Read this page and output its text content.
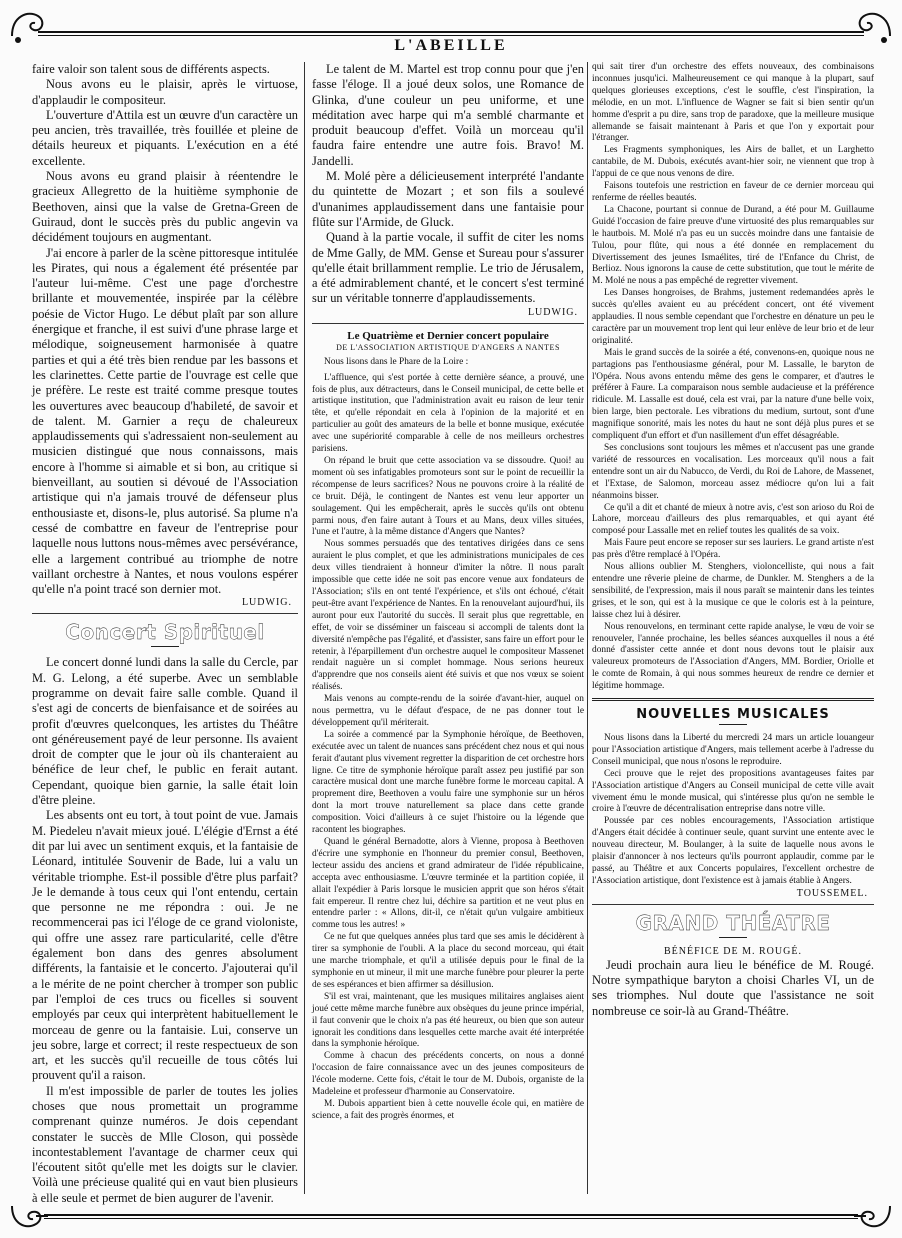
L'ABEILLE

faire valoir son talent sous de différents aspects.

Nous avons eu le plaisir, après le virtuose, d'applaudir le compositeur.

L'ouverture d'Attila est un œuvre d'un caractère un peu ancien, très travaillée, très fouillée et pleine de détails heureux et piquants. L'exécution en a été excellente.

Nous avons eu grand plaisir à réentendre le gracieux Allegretto de la huitième symphonie de Beethoven, ainsi que la valse de Gretna-Green de Guiraud, dont le succès près du public angevin va décidément toujours en augmentant.

J'ai encore à parler de la scène pittoresque intitulée les Pirates, qui nous a également été présentée par l'auteur lui-même. C'est une page d'orchestre brillante et mouvementée, inspirée par la célèbre poésie de Victor Hugo. Le début plaît par son allure énergique et franche, il est suivi d'une phrase large et mélodique, soigneusement harmonisée à quatre parties et qui a été très bien rendue par les bassons et les clarinettes. Cette partie de l'ouvrage est celle que je préfère. Le reste est traité comme presque toutes les ouvertures avec beaucoup d'habileté, de savoir et de talent. M. Garnier a reçu de chaleureux applaudissements qui s'adressaient non-seulement au musicien distingué que nous connaissons, mais encore à l'homme si aimable et si bon, au critique si bienveillant, au soutien si dévoué de l'Association artistique qui n'a jamais trouvé de défenseur plus enthousiaste et, disons-le, plus autorisé. Sa plume n'a cessé de combattre en faveur de l'entreprise pour laquelle nous luttons nous-mêmes avec persévérance, elle a largement contribué au triomphe de notre vaillant orchestre à Nantes, et nous voulons espérer qu'elle n'a point tracé son dernier mot.

LUDWIG.
Concert Spirituel

Le concert donné lundi dans la salle du Cercle, par M. G. Lelong, a été superbe. Avec un semblable programme on devait faire salle comble. Quand il s'est agi de concerts de bienfaisance et de soirées au profit d'œuvres quelconques, les artistes du Théâtre ont généreusement payé de leur personne. Ils avaient droit de compter que le jour où ils chanteraient au bénéfice de leur chef, le public en ferait autant. Cependant, quoique bien garnie, la salle était loin d'être pleine.

Les absents ont eu tort, à tout point de vue. Jamais M. Piedeleu n'avait mieux joué. L'élégie d'Ernst a été dit par lui avec un sentiment exquis, et la fantaisie de Léonard, intitulée Souvenir de Bade, lui a valu un véritable triomphe. Est-il possible d'être plus parfait? Je le demande à tous ceux qui l'ont entendu, certain que personne ne me répondra : oui. Je ne recommencerai pas ici l'éloge de ce grand violoniste, qui offre une assez rare particularité, celle d'être également bon dans des genres absolument différents, la fantaisie et le concerto. J'ajouterai qu'il a le mérite de ne point chercher à tromper son public par l'emploi de ces trucs ou ficelles si souvent employés par ceux qui interprètent habituellement le morceau de genre ou la fantaisie. Lui, conserve un jeu sobre, large et correct; il reste respectueux de son art, et les succès qu'il recueille de tous côtés lui prouvent qu'il a raison.

Il m'est impossible de parler de toutes les jolies choses que nous promettait un programme comprenant quinze numéros. Je dois cependant constater le succès de Mlle Closon, qui possède incontestablement l'avantage de charmer ceux qui l'écoutent sitôt qu'elle met les doigts sur le clavier. Voilà une précieuse qualité qui en vaut bien plusieurs à elle seule et permet de bien augurer de l'avenir.

Le talent de M. Martel est trop connu pour que j'en fasse l'éloge. Il a joué deux solos, une Romance de Glinka, d'une couleur un peu uniforme, et une méditation avec harpe qui m'a semblé charmante et produit beaucoup d'effet. Voilà un morceau qu'il faudra faire entendre une autre fois. Bravo! M. Jandelli.

M. Molé père a délicieusement interprété l'andante du quintette de Mozart ; et son fils a soulevé d'unanimes applaudissement dans une fantaisie pour flûte sur l'Armide, de Gluck.

Quand à la partie vocale, il suffit de citer les noms de Mme Gally, de MM. Gense et Sureau pour s'assurer qu'elle était brillamment remplie. Le trio de Jérusalem, a été admirablement chanté, et le concert s'est terminé sur un véritable tonnerre d'applaudissements.

LUDWIG.
Le Quatrième et Dernier concert populaire
DE L'ASSOCIATION ARTISTIQUE D'ANGERS A NANTES

Nous lisons dans le Phare de la Loire :

L'affluence, qui s'est portée à cette dernière séance, a prouvé, une fois de plus, aux détracteurs, dans le Conseil municipal, de cette belle et artistique institution, que l'administration avait eu raison de leur tenir tête, et qu'elle répondait en cela à l'opinion de la majorité et en particulier au goût des amateurs de la belle et bonne musique, exécutée avec une supériorité comparable à celle de nos meilleurs orchestres parisiens.

On répand le bruit que cette association va se dissoudre. Quoi! au moment où ses infatigables promoteurs sont sur le point de recueillir la récompense de leurs sacrifices? Nous ne pouvons croire à la réalité de ce bruit. Déjà, le contingent de Nantes est venu leur apporter un soulagement. Qui les empêcherait, après le succès qu'ils ont obtenu parmi nous, d'en faire autant à Tours et au Mans, deux villes situées, l'une et l'autre, à la même distance d'Angers que Nantes?

Nous sommes persuadés que des tentatives dirigées dans ce sens auraient le plus complet, et que les administrations municipales de ces deux villes tiendraient à honneur d'imiter la nôtre. Il nous paraît impossible que cette idée ne soit pas encore venue aux fondateurs de l'Association; s'ils en ont tenté l'expérience, et s'ils ont échoué, c'était peut-être avant l'expérience de Nantes. En la renouvelant aujourd'hui, ils auront pour eux l'autorité du succès. Il serait plus que regrettable, en effet, de voir se disséminer un faisceau si accompli de talents dont la diversité n'empêche pas l'égalité, et d'assister, sans faire un effort pour le retenir, à l'éparpillement d'un orchestre auquel le compositeur Massenet rendait naguère un si complet hommage. Nous serions heureux d'apprendre que nos conseils aient été suivis et que nos vœux se soient réalisés.

Mais venons au compte-rendu de la soirée d'avant-hier, auquel on nous permettra, vu le défaut d'espace, de ne pas donner tout le développement qu'il mériterait.

La soirée a commencé par la Symphonie héroïque, de Beethoven, exécutée avec un talent de nuances sans précédent chez nous et qui nous ferait d'autant plus vivement regretter la disparition de cet orchestre hors ligne. Ce titre de symphonie héroïque paraît assez peu justifié par son caractère musical dont une marche funèbre forme le morceau capital. A proprement dire, Beethoven a voulu faire une symphonie sur un héros dont la mort trouve naturellement sa place dans cette grande composition. Voici d'ailleurs à ce sujet l'histoire ou la légende que racontent les biographes.

Quand le général Bernadotte, alors à Vienne, proposa à Beethoven d'écrire une symphonie en l'honneur du premier consul, Beethoven, lecteur assidu des anciens et grand admirateur de l'idée républicaine, accepta avec enthousiasme. L'œuvre terminée et la partition copiée, il allait l'expédier à Paris lorsque le musicien apprit que son héros s'était fait empereur. Il rentre chez lui, déchire sa partition et ne veut plus en entendre parler : « Allons, dit-il, ce n'était qu'un vulgaire ambitieux comme tous les autres! »

Ce ne fut que quelques années plus tard que ses amis le décidèrent à tirer sa symphonie de l'oubli. A la place du second morceau, qui était une marche triomphale, et qu'il a utilisée depuis pour le final de la symphonie en ut mineur, il mit une marche funèbre pour pleurer la perte de ses espérances et bien affirmer sa désillusion.

S'il est vrai, maintenant, que les musiques militaires anglaises aient joué cette même marche funèbre aux obsèques du jeune prince impérial, il faut convenir que le choix n'a pas été heureux, ou bien que son auteur ignorait les conditions dans lesquelles cette marche avait été interprétée dans la symphonie héroïque.

Comme à chacun des précédents concerts, on nous a donné l'occasion de faire connaissance avec un des jeunes compositeurs de l'école moderne. Cette fois, c'était le tour de M. Dubois, organiste de la Madeleine et professeur d'harmonie au Conservatoire.

M. Dubois appartient bien à cette nouvelle école qui, en matière de science, a fait des progrès énormes, et

qui sait tirer d'un orchestre des effets nouveaux, des combinaisons inconnues jusqu'ici. Malheureusement ce qui manque à la plupart, sauf quelques glorieuses exceptions, c'est le souffle, c'est l'inspiration, la mélodie, en un mot. L'influence de Wagner se fait si bien sentir qu'un homme d'esprit a pu dire, sans trop de paradoxe, que la meilleure musique allemande se faisait maintenant à Paris et que l'on y exportait pour l'étranger.

Les Fragments symphoniques, les Airs de ballet, et un Larghetto cantabile, de M. Dubois, exécutés avant-hier soir, ne viennent que trop à l'appui de ce que nous venons de dire.

Faisons toutefois une restriction en faveur de ce dernier morceau qui renferme de réelles beautés.

La Chacone, pourtant si connue de Durand, a été pour M. Guillaume Guidé l'occasion de faire preuve d'une virtuosité des plus remarquables sur le hautbois. M. Molé n'a pas eu un succès moindre dans une fantaisie de Tulou, pour flûte, qui nous a été donnée en remplacement du Divertissement des jeunes Ismaélites, tiré de l'Enfance du Christ, de Berlioz. Nous ignorons la cause de cette substitution, que tout le mérite de M. Molé ne nous a pas empêché de regretter vivement.

Les Danses hongroises, de Brahms, justement redemandées après le succès qu'elles avaient eu au précédent concert, ont été vivement applaudies. Il nous semble cependant que l'orchestre en dénature un peu le caractère par un mouvement trop lent qui leur enlève de leur brio et de leur originalité.

Mais le grand succès de la soirée a été, convenons-en, quoique nous ne partagions pas l'enthousiasme général, pour M. Lassalle, le baryton de l'Opéra. Nous avons entendu même des gens le comparer, et d'autres le préférer à Faure. La comparaison nous semble audacieuse et la préférence ridicule. M. Lassalle est doué, cela est vrai, par la nature d'une belle voix, bien large, bien pectorale. Les vibrations du medium, surtout, sont d'une magnifique sonorité, mais les notes du haut ne sont déjà plus pures et se compliquent d'un effort et d'un nasillement d'un effet désagréable.

Ses conclusions sont toujours les mêmes et n'accusent pas une grande variété de ressources en vocalisation. Les morceaux qu'il nous a fait entendre sont un air du Nabucco, de Verdi, du Roi de Lahore, de Massenet, et l'Extase, de Salomon, morceau assez médiocre qu'on lui a fait néanmoins bisser.

Ce qu'il a dit et chanté de mieux à notre avis, c'est son arioso du Roi de Lahore, morceau d'ailleurs des plus remarquables, et qui ayant été composé pour Lassalle met en relief toutes les qualités de sa voix.

Mais Faure peut encore se reposer sur ses lauriers. Le grand artiste n'est pas près d'être remplacé à l'Opéra.

Nous allions oublier M. Stenghers, violoncelliste, qui nous a fait entendre une rêverie pleine de charme, de Dunkler. M. Stenghers a de la sensibilité, de l'expression, mais il nous paraît se maintenir dans les teintes grises, et le son, qui est à la musique ce que le coloris est à la peinture, laisse chez lui à désirer.

Nous renouvelons, en terminant cette rapide analyse, le vœu de voir se renouveler, l'année prochaine, les belles séances auxquelles il nous a été donné d'assister cette année et dont nous devons tout le plaisir aux valeureux promoteurs de l'Association d'Angers, MM. Bordier, Oriolle et le comte de Romain, à qui nous sommes heureux de rendre ce dernier et légitime hommage.

NOUVELLES MUSICALES

Nous lisons dans la Liberté du mercredi 24 mars un article louangeur pour l'Association artistique d'Angers, mais tellement acerbe à l'adresse du Conseil municipal, que nous n'osons le reproduire.

Ceci prouve que le rejet des propositions avantageuses faites par l'Association artistique d'Angers au Conseil municipal de cette ville avait vivement ému le monde musical, qui s'intéresse plus qu'on ne semble le croire à l'œuvre de décentralisation entreprise dans notre ville.

Poussée par ces nobles encouragements, l'Association artistique d'Angers était décidée à continuer seule, quant survint une entente avec le nouveau directeur, M. Boulanger, à la suite de laquelle nous avons le plaisir d'annoncer à nos lecteurs qu'ils pourront applaudir, comme par le passé, au Théâtre et aux Concerts populaires, l'excellent orchestre de l'Association artistique, dont l'existence est à jamais établie à Angers.

TOUSSEMEL.
GRAND THÉATRE
BÉNÉFICE DE M. ROUGÉ.

Jeudi prochain aura lieu le bénéfice de M. Rougé. Notre sympathique baryton a choisi Charles VI, un de ses triomphes. Nul doute que l'assistance ne soit nombreuse ce soir-là au Grand-Théâtre.
